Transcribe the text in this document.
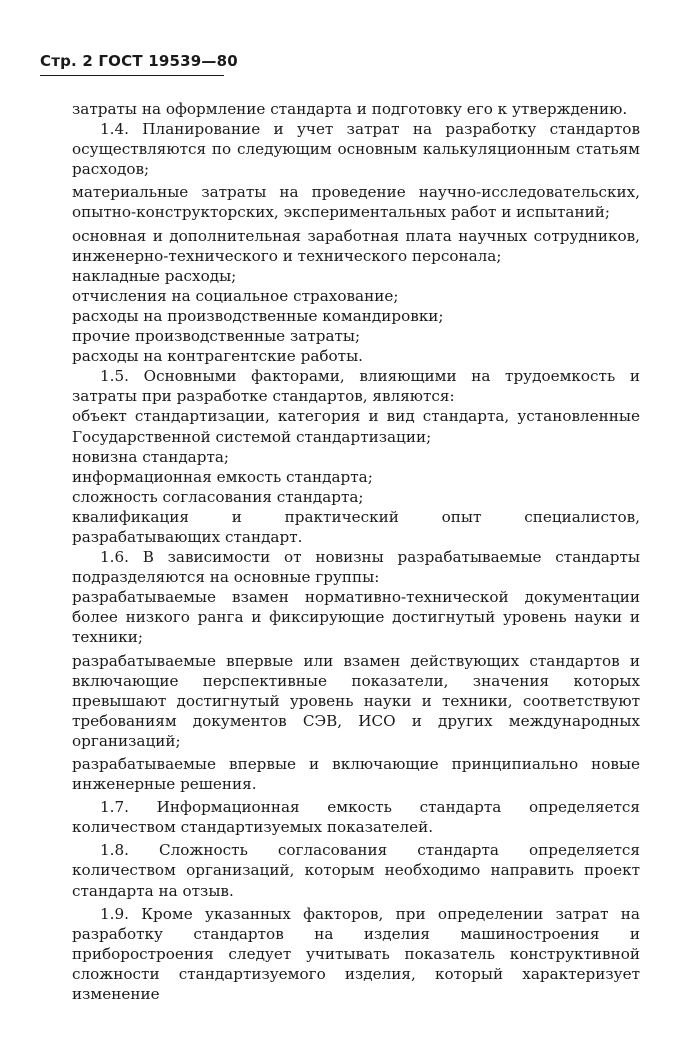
Стр. 2 ГОСТ 19539—80

затраты на оформление стандарта и подготовку его к утверждению.

1.4. Планирование и учет затрат на разработку стандартов осуществляются по следующим основным калькуляционным статьям расходов;

материальные затраты на проведение научно-исследовательских, опытно-конструкторских, экспериментальных работ и испытаний;

основная и дополнительная заработная плата научных сотрудников, инженерно-технического и технического персонала;

накладные расходы;

отчисления на социальное страхование;

расходы на производственные командировки;

прочие производственные затраты;

расходы на контрагентские работы.

1.5. Основными факторами, влияющими на трудоемкость и затраты при разработке стандартов, являются:

объект стандартизации, категория и вид стандарта, установленные Государственной системой стандартизации;

новизна стандарта;

информационная емкость стандарта;

сложность согласования стандарта;

квалификация и практический опыт специалистов, разрабатывающих стандарт.

1.6. В зависимости от новизны разрабатываемые стандарты подразделяются на основные группы:

разрабатываемые взамен нормативно-технической документации более низкого ранга и фиксирующие достигнутый уровень науки и техники;

разрабатываемые впервые или взамен действующих стандартов и включающие перспективные показатели, значения которых превышают достигнутый уровень науки и техники, соответствуют требованиям документов СЭВ, ИСО и других международных организаций;

разрабатываемые впервые и включающие принципиально новые инженерные решения.

1.7. Информационная емкость стандарта определяется количеством стандартизуемых показателей.

1.8. Сложность согласования стандарта определяется количеством организаций, которым необходимо направить проект стандарта на отзыв.

1.9. Кроме указанных факторов, при определении затрат на разработку стандартов на изделия машиностроения и приборостроения следует учитывать показатель конструктивной сложности стандартизуемого изделия, который характеризует изменение
